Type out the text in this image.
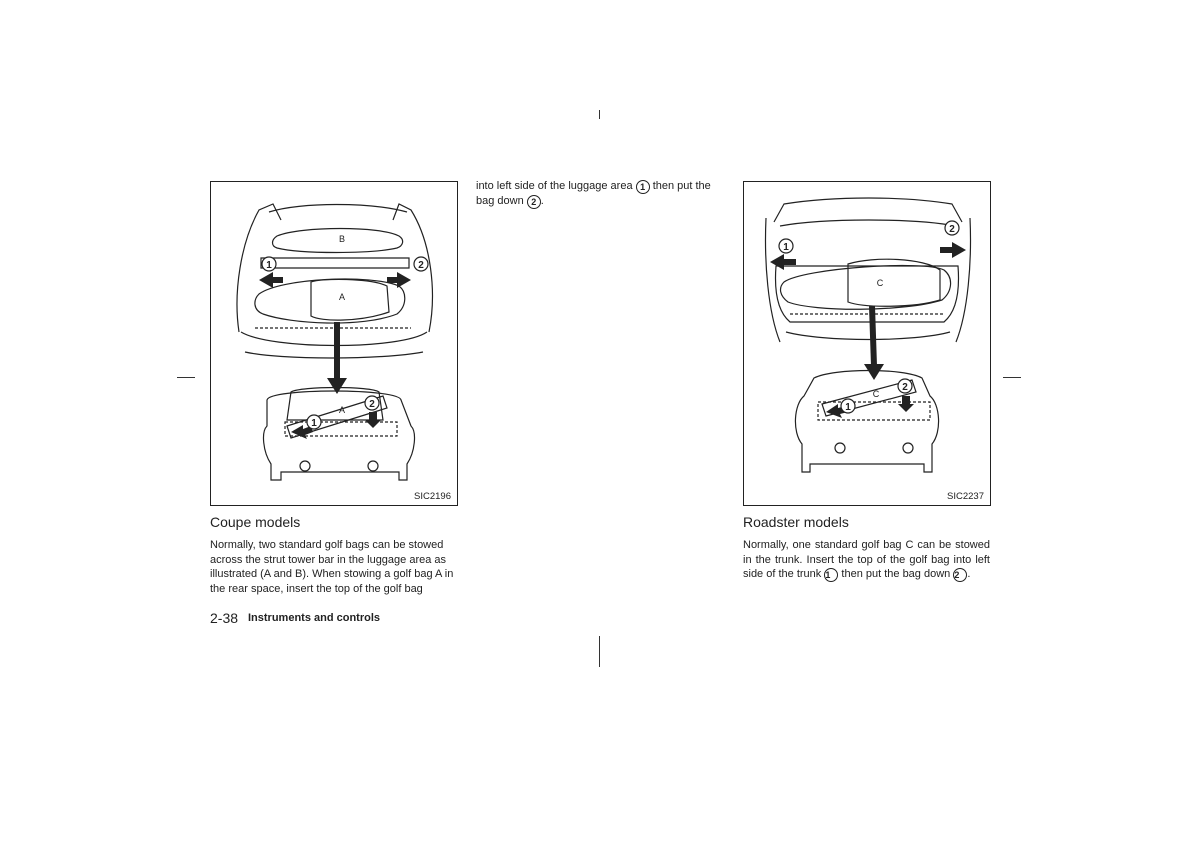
1	2
1
2
B
A
A
SIC2196
Coupe models

Normally, two standard golf bags can be stowed across the strut tower bar in the luggage area as illustrated (A and B). When stowing a golf bag A in the rear space, insert the top of the golf bag

into left side of the luggage area 1 then put the bag down 2 .

1
2
1
2
C
C
SIC2237
Roadster models

Normally, one standard golf bag C can be stowed in the trunk. Insert the top of the golf bag into left side of the trunk 1 then put the bag down 2 .

2-38 Instruments and controls
